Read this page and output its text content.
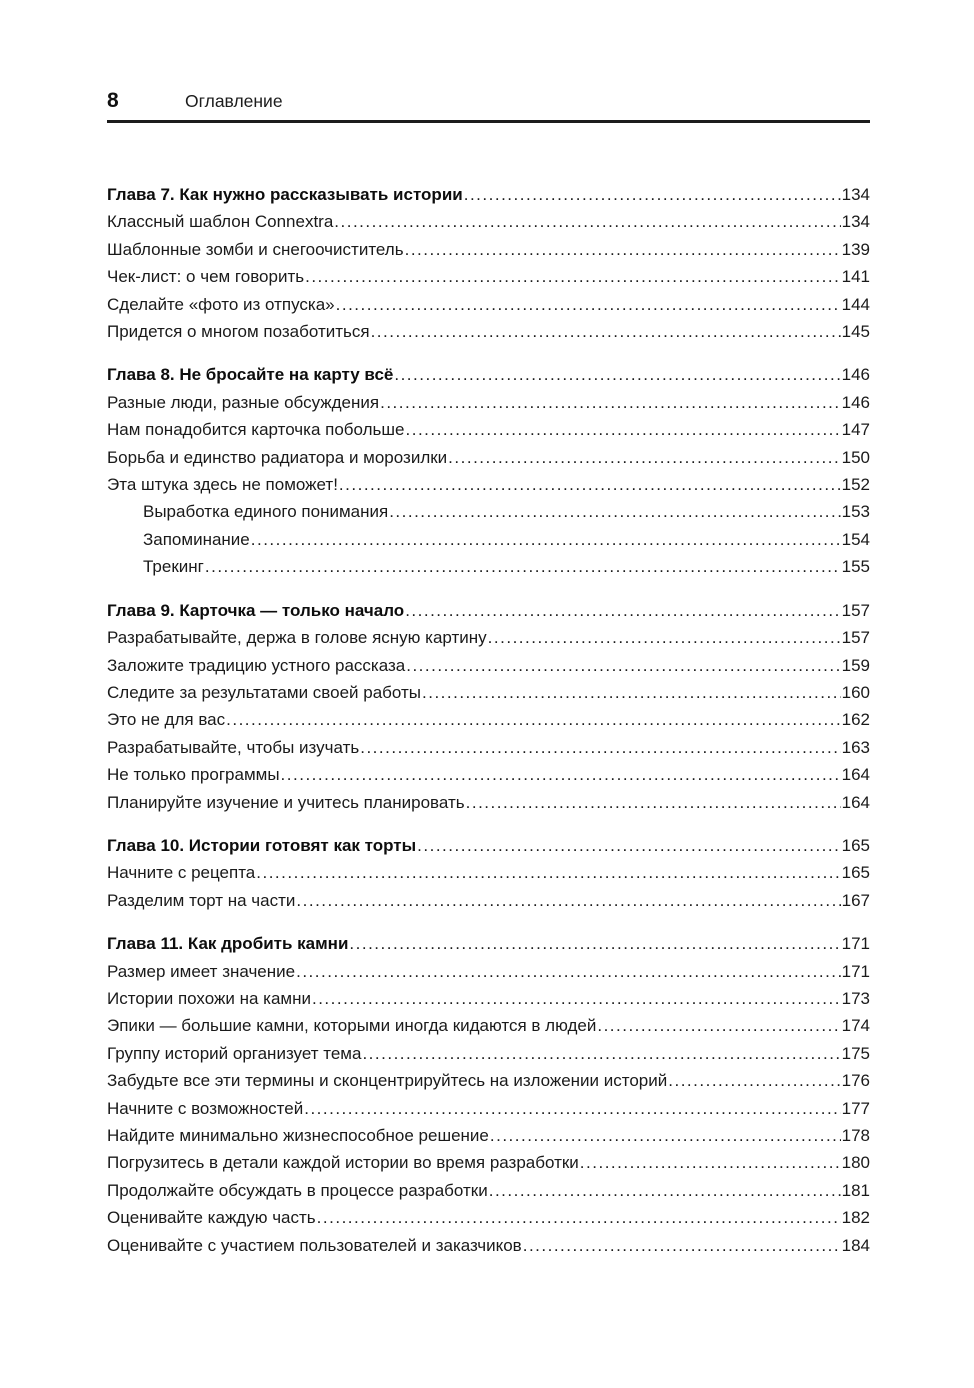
8	Оглавление
Глава 7. Как нужно рассказывать истории .....	134
Классный шаблон Connextra .....	134
Шаблонные зомби и снегоочиститель .....	139
Чек-лист: о чем говорить .....	141
Сделайте «фото из отпуска» .....	144
Придется о многом позаботиться .....	145
Глава 8. Не бросайте на карту всё .....	146
Разные люди, разные обсуждения .....	146
Нам понадобится карточка побольше .....	147
Борьба и единство радиатора и морозилки .....	150
Эта штука здесь не поможет! .....	152
Выработка единого понимания .....	153
Запоминание .....	154
Трекинг .....	155
Глава 9. Карточка — только начало .....	157
Разрабатывайте, держа в голове ясную картину .....	157
Заложите традицию устного рассказа .....	159
Следите за результатами своей работы .....	160
Это не для вас .....	162
Разрабатывайте, чтобы изучать .....	163
Не только программы .....	164
Планируйте изучение и учитесь планировать .....	164
Глава 10. Истории готовят как торты .....	165
Начните с рецепта .....	165
Разделим торт на части .....	167
Глава 11. Как дробить камни .....	171
Размер имеет значение .....	171
Истории похожи на камни .....	173
Эпики — большие камни, которыми иногда кидаются в людей .....	174
Группу историй организует тема .....	175
Забудьте все эти термины и сконцентрируйтесь на изложении историй .....	176
Начните с возможностей .....	177
Найдите минимально жизнеспособное решение .....	178
Погрузитесь в детали каждой истории во время разработки .....	180
Продолжайте обсуждать в процессе разработки .....	181
Оценивайте каждую часть .....	182
Оценивайте с участием пользователей и заказчиков .....	184
